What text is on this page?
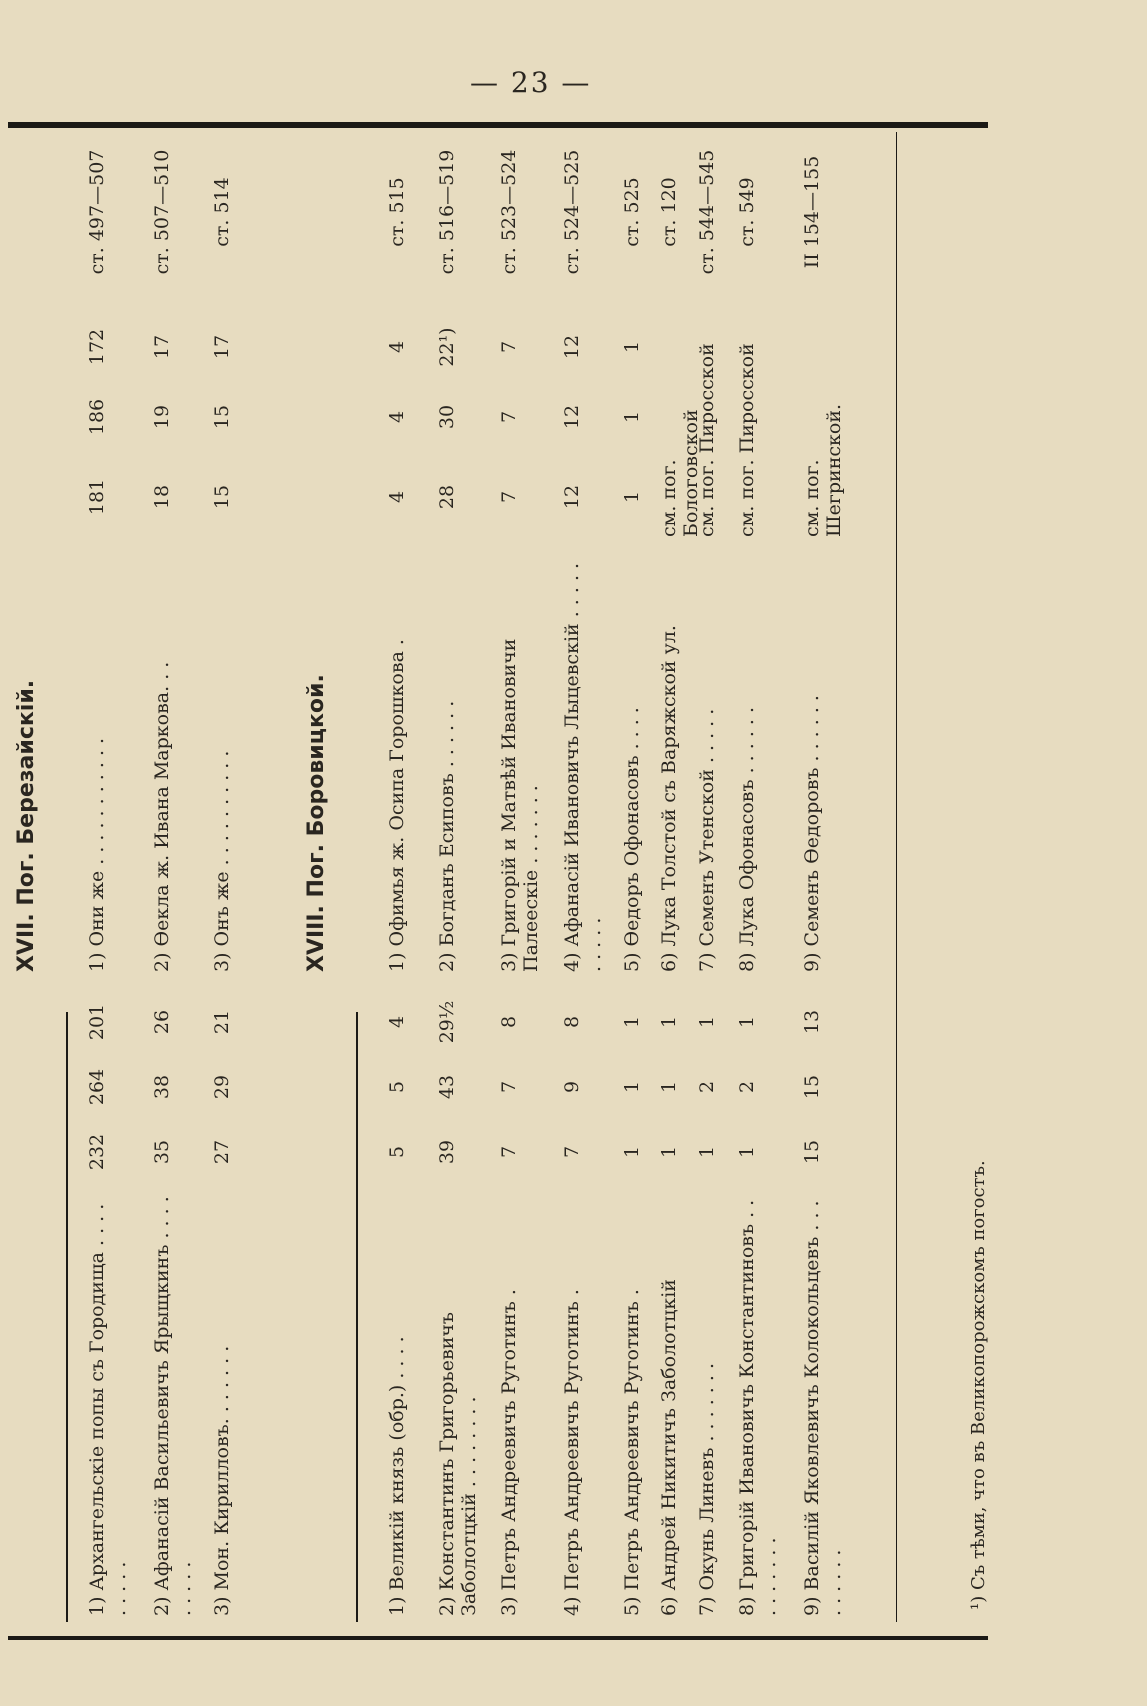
— 23 —
XVII. Пог. Березайскій.
1) Архангельскіе попы съ Городища . . . . . . . . .
232
264
201
1) Они же . . . . . . . . . . .
181
186
172
ст. 497—507
2) Афанасій Васильевичъ Ярыщкинъ . . . . . . . . .
35
38
26
2) Ѳекла ж. Ивана Маркова. . .
18
19
17
ст. 507—510
3) Мон. Кирилловъ. . . . . . .
27
29
21
3) Онъ же . . . . . . . . . .
15
15
17
ст. 514
XVIII. Пог. Боровицкой.
1) Великій князь (обр.) . . . .
5
5
4
1) Офимья ж. Осипа Горошкова .
4
4
4
ст. 515
2) Константинъ Григорьевичъ Заболотцкій . . . . . . . .
39
43
29½
2) Богданъ Есиповъ . . . . . .
28
30
22¹)
ст. 516—519
3) Петръ Андреевичъ Руготинъ .
7
7
8
3) Григорій и Матвѣй Ивановичи Палеескіе . . . . . . .
7
7
7
ст. 523—524
4) Петръ Андреевичъ Руготинъ .
7
9
8
4) Афанасій Ивановичъ Лыцевскій . . . . . . . . . .
12
12
12
ст. 524—525
5) Петръ Андреевичъ Руготинъ .
1
1
1
5) Ѳедоръ Офонасовъ . . . .
1
1
1
ст. 525
6) Андрей Никитичъ Заболотцкій
1
1
1
6) Лука Толстой съ Варяжской ул.
см. пог. Бологовской
ст. 120
7) Окунь Линевъ . . . . . . .
1
2
1
7) Семенъ Утенской . . . . .
см. пог. Пиросской
ст. 544—545
8) Григорій Ивановичъ Константиновъ . . . . . . . . .
1
2
1
8) Лука Офонасовъ . . . . . .
см. пог. Пиросской
ст. 549
9) Василій Яковлевичъ Колокольцевъ . . . . . . . . .
15
15
13
9) Семенъ Ѳедоровъ . . . . . .
см. пог. Шегринской.
II 154—155
¹) Съ тѣми, что въ Великопорожскомъ погостъ.
